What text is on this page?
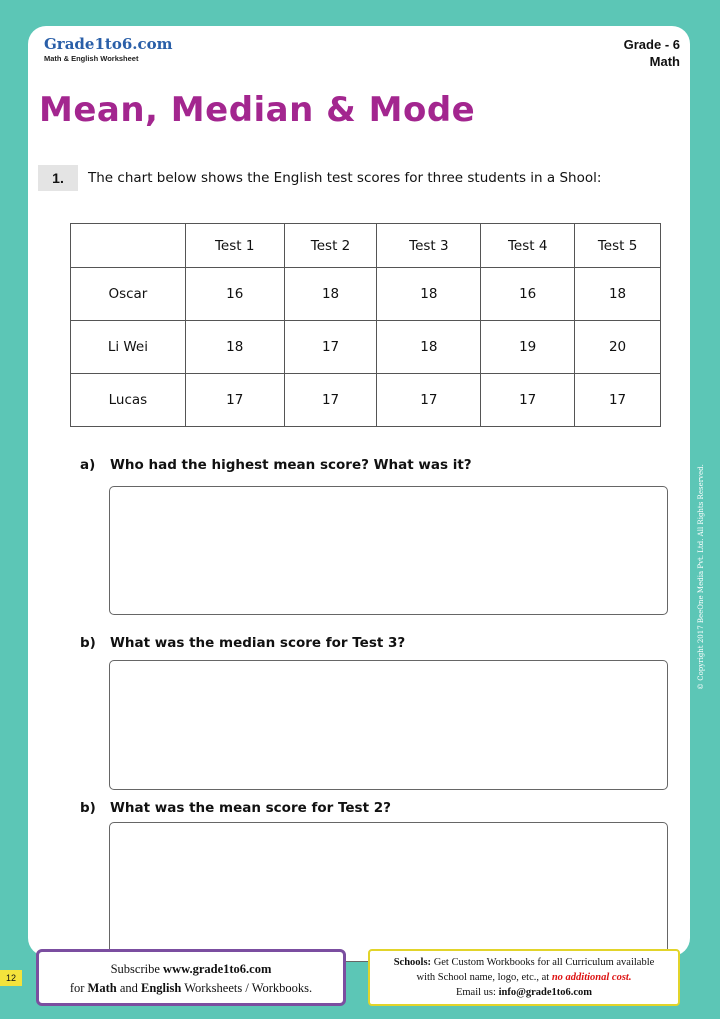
Grade1to6.com
Math & English Worksheet
Grade - 6
Math
Mean, Median & Mode
1.	The chart below shows the English test scores for three students in a Shool:
	Test 1	Test 2	Test 3	Test 4	Test 5
Oscar	16	18	18	16	18
Li Wei	18	17	18	19	20
Lucas	17	17	17	17	17
a) Who had the highest mean score? What was it?
b) What was the median score for Test 3?
b) What was the mean score for Test 2?
© Copyright 2017 BeeOne Media Pvt. Ltd. All Rights Reserved.
12
Subscribe www.grade1to6.com
for Math and English Worksheets / Workbooks.
Schools: Get Custom Workbooks for all Curriculum available
with School name, logo, etc., at no additional cost.
Email us: info@grade1to6.com
